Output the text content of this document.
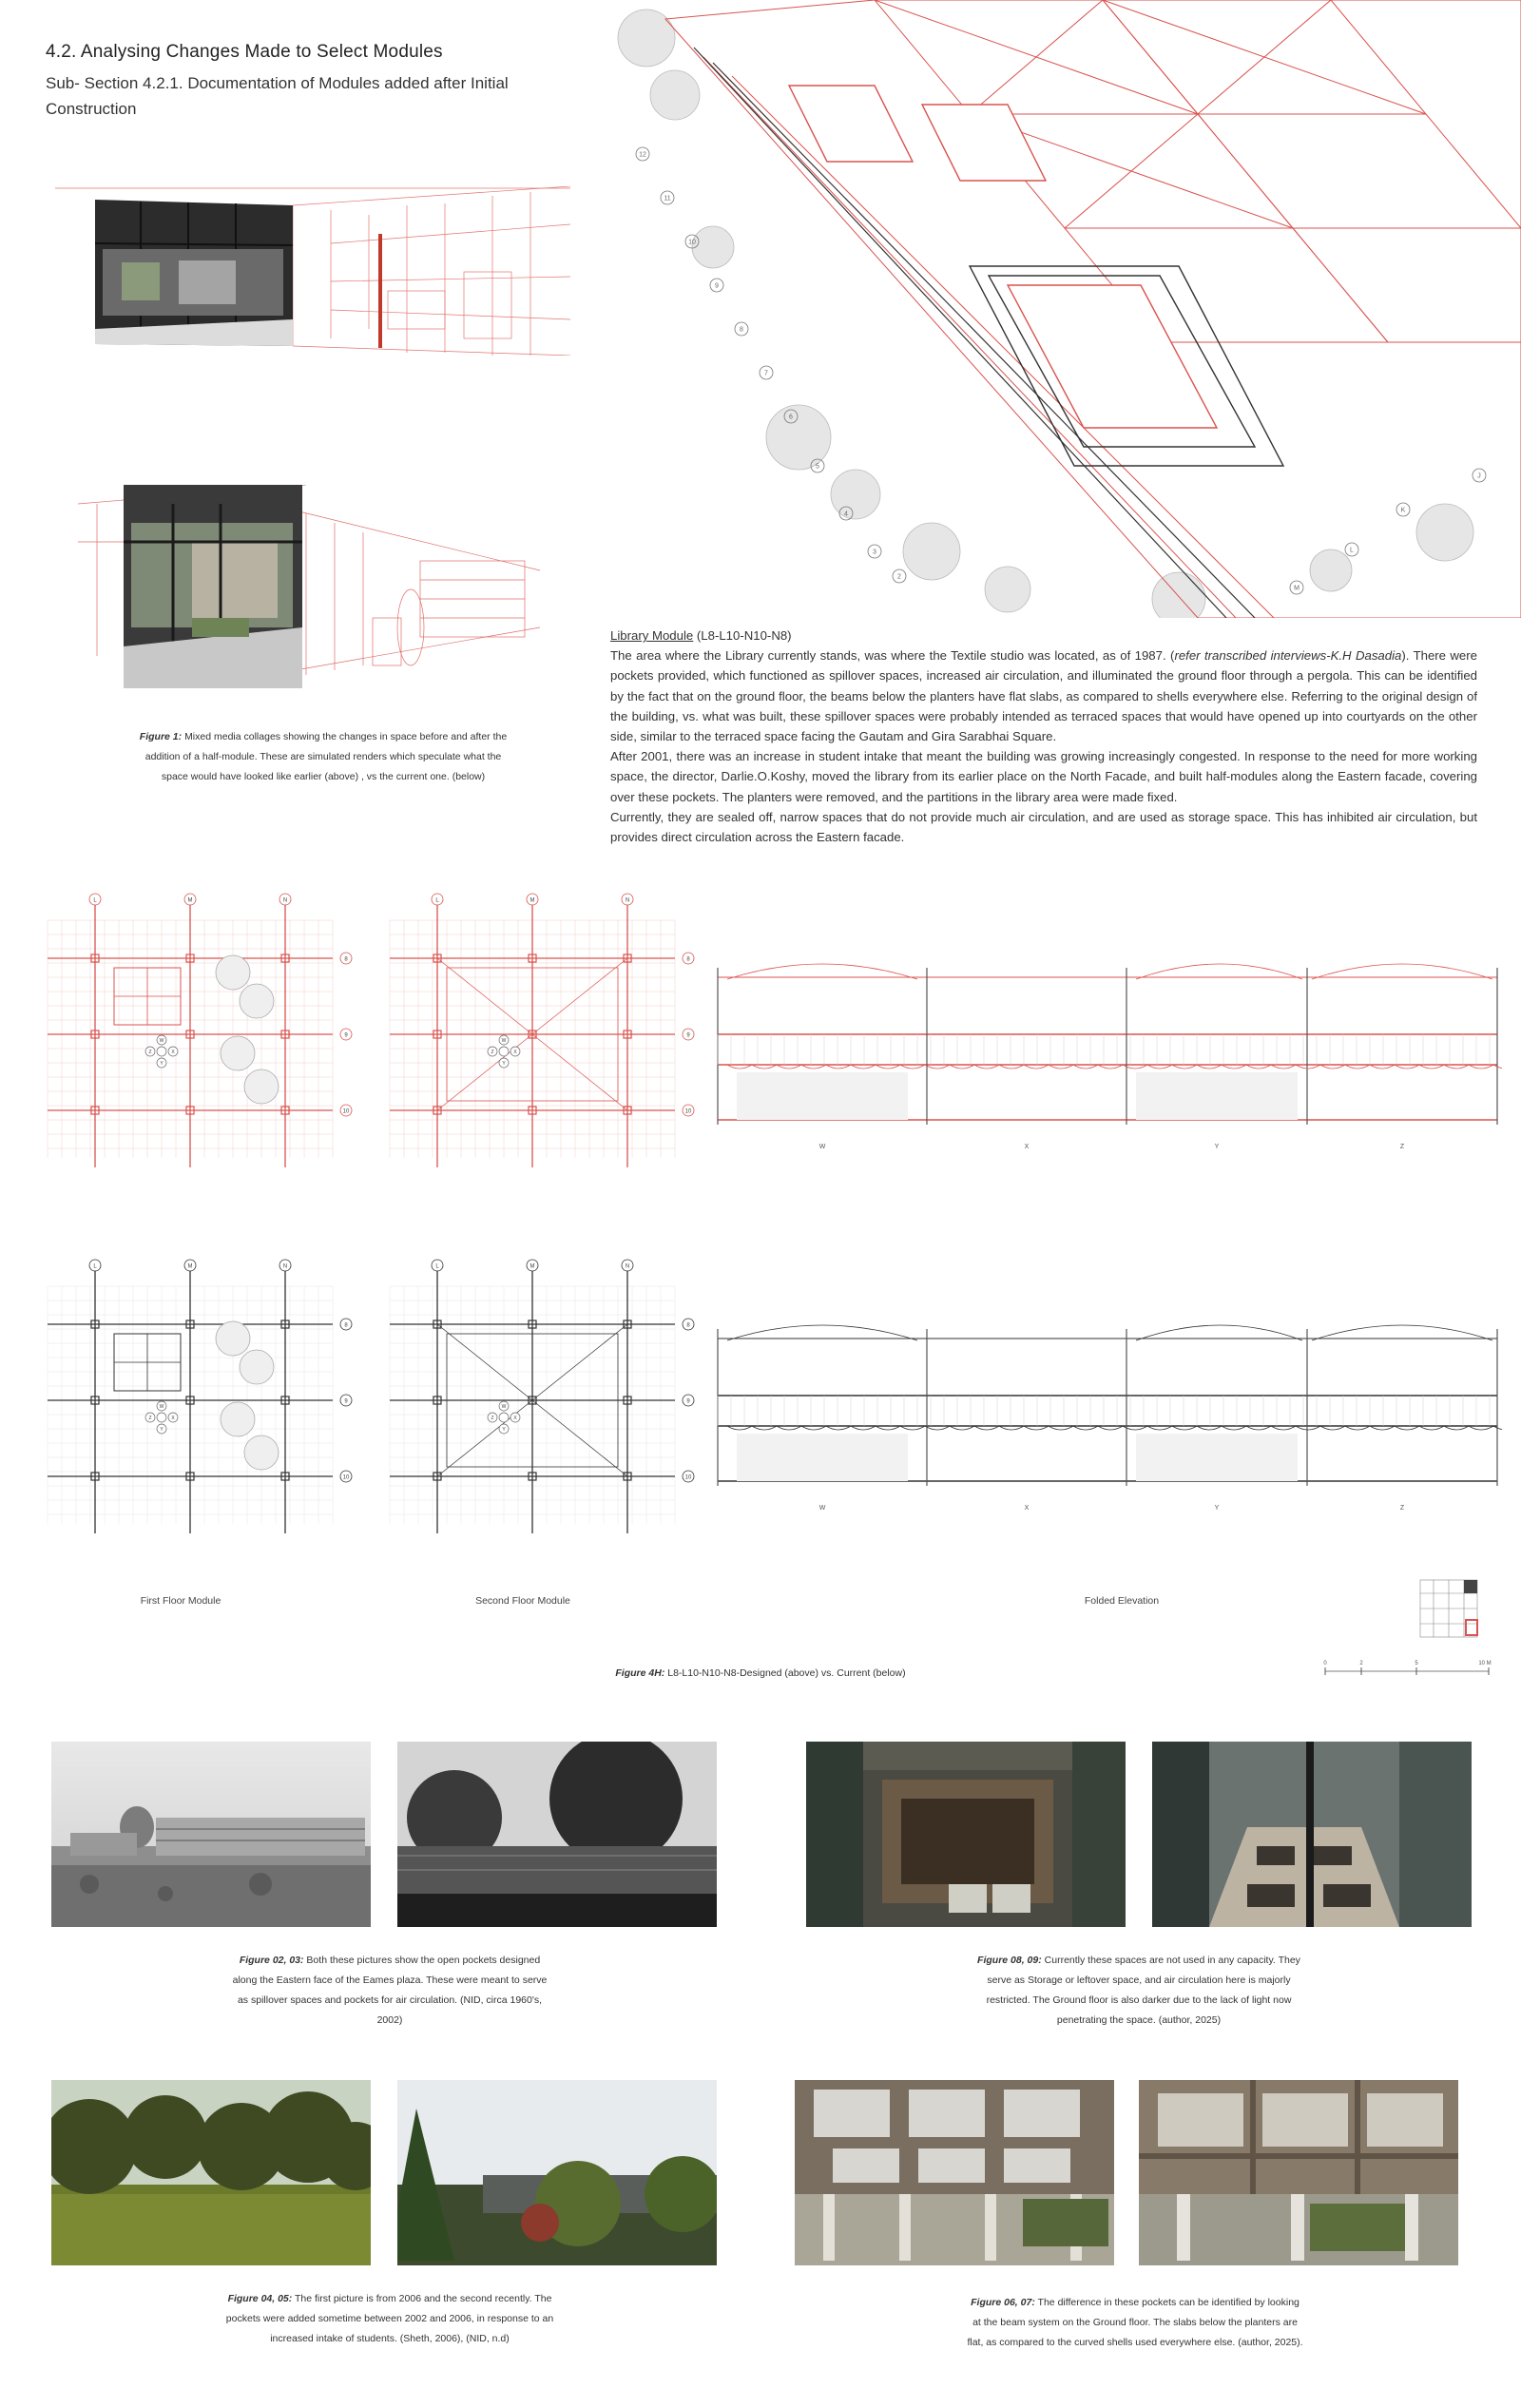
4.2. Analysing Changes Made to Select Modules
Sub- Section 4.2.1. Documentation of Modules added after Initial Construction
Figure 1: Mixed media collages showing the changes in space before and after the addition of a half-module. These are simulated renders which speculate what the space would have looked like earlier (above) , vs the current one. (below)
12
11
10
9
8
7
6
5
4
3
2
K
J
L
M

Library Module (L8-L10-N10-N8)

The area where the Library currently stands, was where the Textile studio was located, as of 1987. (refer transcribed interviews-K.H Dasadia). There were pockets provided, which functioned as spillover spaces, increased air circulation, and illuminated the ground floor through a pergola. This can be identified by the fact that on the ground floor, the beams below the planters have flat slabs, as compared to shells everywhere else. Referring to the original design of the building, vs. what was built, these spillover spaces were probably intended as terraced spaces that would have opened up into courtyards on the other side, similar to the terraced space facing the Gautam and Gira Sarabhai Square.

After 2001, there was an increase in student intake that meant the building was growing increasingly congested. In response to the need for more working space, the director, Darlie.O.Koshy, moved the library from its earlier place on the North Facade, and built half-modules along the Eastern facade, covering over these pockets. The planters were removed, and the partitions in the library area were made fixed.

Currently, they are sealed off, narrow spaces that do not provide much air circulation, and are used as storage space. This has inhibited air circulation, but provides direct circulation across the Eastern facade.

W
Z	X
Y
L	M	N
8
9
10
W
Z	X
Y
L	M	N
8
9
10
W	X	Y	Z
W
Z	X
Y
L	M	N
8
9
10
W
Z	X
Y
L	M	N
8
9
10
W	X	Y	Z
First Floor Module	Second Floor Module	Folded Elevation
0	2	5	10 M
Figure 4H: L8-L10-N10-N8-Designed (above) vs. Current (below)
Figure 02, 03: Both these pictures show the open pockets designed along the Eastern face of the Eames plaza. These were meant to serve as spillover spaces and pockets for air circulation. (NID, circa 1960's, 2002)
Figure 08, 09: Currently these spaces are not used in any capacity. They serve as Storage or leftover space, and air circulation here is majorly restricted. The Ground floor is also darker due to the lack of light now penetrating the space. (author, 2025)
Figure 04, 05: The first picture is from 2006 and the second recently. The pockets were added sometime between 2002 and 2006, in response to an increased intake of students. (Sheth, 2006), (NID, n.d)
Figure 06, 07: The difference in these pockets can be identified by looking at the beam system on the Ground floor. The slabs below the planters are flat, as compared to the curved shells used everywhere else. (author, 2025).
